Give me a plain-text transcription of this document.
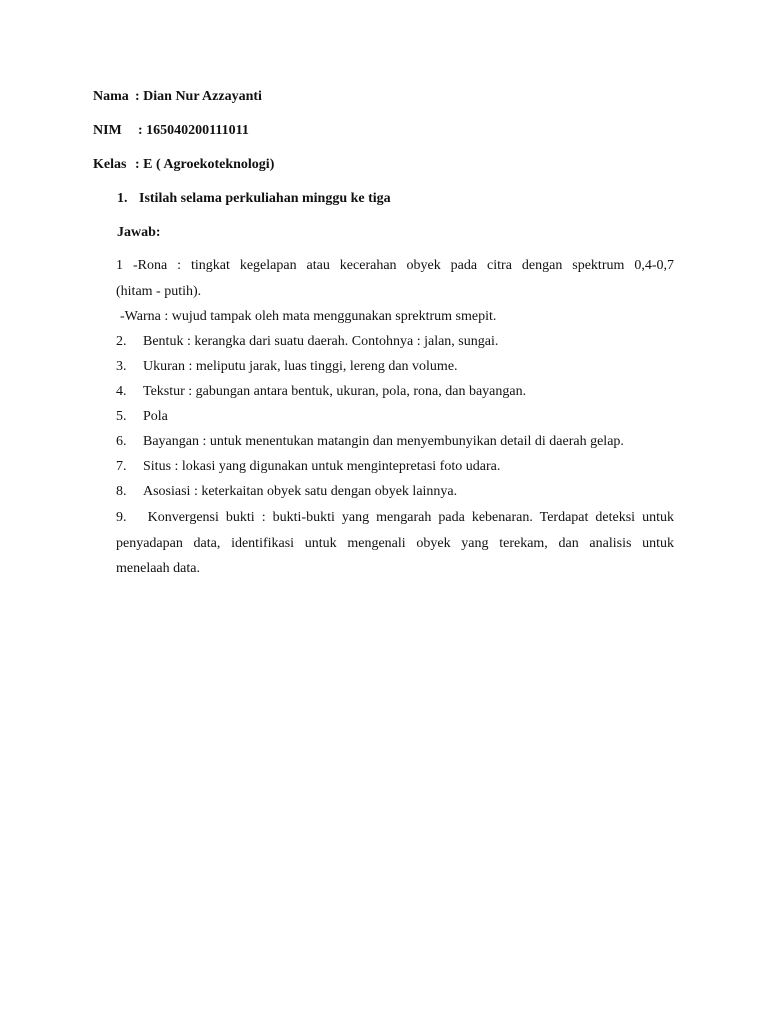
Nama : Dian Nur Azzayanti
NIM : 165040200111011
Kelas : E ( Agroekoteknologi)
1. Istilah selama perkuliahan minggu ke tiga
Jawab:
1 -Rona : tingkat kegelapan atau kecerahan obyek pada citra dengan spektrum 0,4-0,7
(hitam - putih).
-Warna : wujud tampak oleh mata menggunakan sprektrum smepit.
2. Bentuk : kerangka dari suatu daerah. Contohnya : jalan, sungai.
3. Ukuran : meliputu jarak, luas tinggi, lereng dan volume.
4. Tekstur : gabungan antara bentuk, ukuran, pola, rona, dan bayangan.
5. Pola
6. Bayangan : untuk menentukan matangin dan menyembunyikan detail di daerah gelap.
7. Situs : lokasi yang digunakan untuk mengintepretasi foto udara.
8. Asosiasi : keterkaitan obyek satu dengan obyek lainnya.
9.   Konvergensi bukti : bukti-bukti yang mengarah pada kebenaran. Terdapat deteksi untuk
penyadapan data, identifikasi untuk mengenali obyek yang terekam, dan analisis untuk
menelaah data.
